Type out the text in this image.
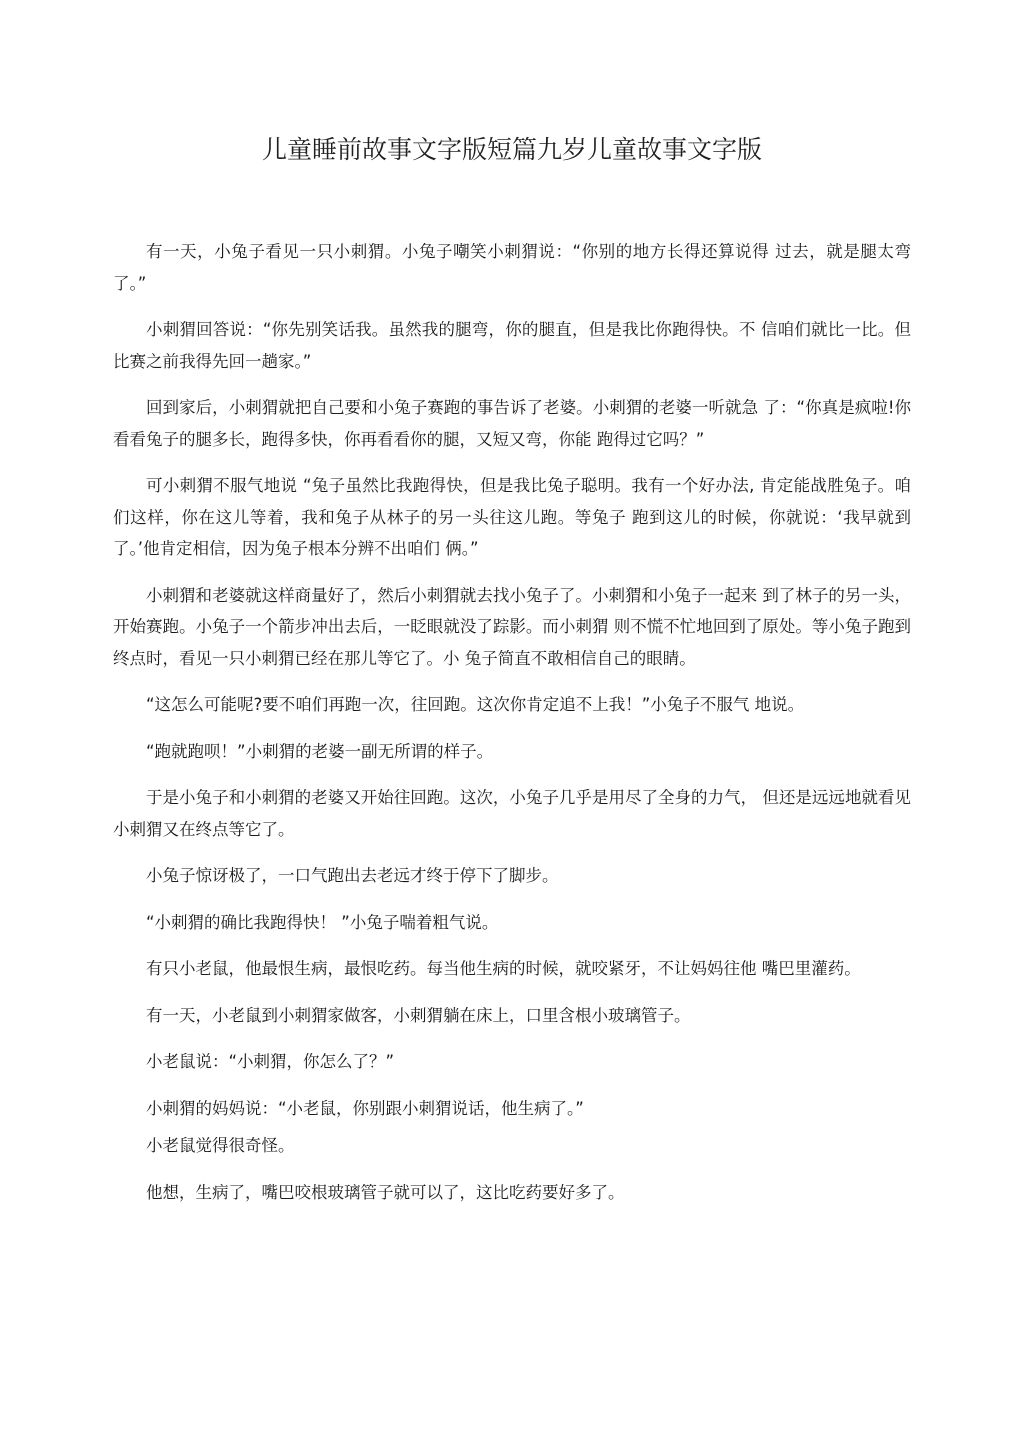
儿童睡前故事文字版短篇九岁儿童故事文字版

有一天，小兔子看见一只小刺猬。小兔子嘲笑小刺猬说：“你别的地方长得还算说得 过去，就是腿太弯了。”

小刺猬回答说：“你先别笑话我。虽然我的腿弯，你的腿直，但是我比你跑得快。不 信咱们就比一比。但比赛之前我得先回一趟家。”

回到家后，小刺猬就把自己要和小兔子赛跑的事告诉了老婆。小刺猬的老婆一听就急 了：“你真是疯啦!你看看兔子的腿多长，跑得多快，你再看看你的腿，又短又弯，你能 跑得过它吗？”

可小刺猬不服气地说 “兔子虽然比我跑得快，但是我比兔子聪明。我有一个好办法, 肯定能战胜兔子。咱们这样，你在这儿等着，我和兔子从林子的另一头往这儿跑。等兔子 跑到这儿的时候，你就说：‘我早就到了。’他肯定相信，因为兔子根本分辨不出咱们 俩。”

小刺猬和老婆就这样商量好了，然后小刺猬就去找小兔子了。小刺猬和小兔子一起来 到了林子的另一头，开始赛跑。小兔子一个箭步冲出去后，一眨眼就没了踪影。而小刺猬 则不慌不忙地回到了原处。等小兔子跑到终点时，看见一只小刺猬已经在那儿等它了。小 兔子简直不敢相信自己的眼睛。

“这怎么可能呢?要不咱们再跑一次，往回跑。这次你肯定追不上我！”小兔子不服气 地说。

“跑就跑呗！”小刺猬的老婆一副无所谓的样子。

于是小兔子和小刺猬的老婆又开始往回跑。这次，小兔子几乎是用尽了全身的力气， 但还是远远地就看见小刺猬又在终点等它了。

小兔子惊讶极了，一口气跑出去老远才终于停下了脚步。

“小刺猬的确比我跑得快！ ”小兔子喘着粗气说。

有只小老鼠，他最恨生病，最恨吃药。每当他生病的时候，就咬紧牙，不让妈妈往他 嘴巴里灌药。

有一天，小老鼠到小刺猬家做客，小刺猬躺在床上，口里含根小玻璃管子。

小老鼠说：“小刺猬，你怎么了？”

小刺猬的妈妈说：“小老鼠，你别跟小刺猬说话，他生病了。”

小老鼠觉得很奇怪。

他想，生病了，嘴巴咬根玻璃管子就可以了，这比吃药要好多了。
